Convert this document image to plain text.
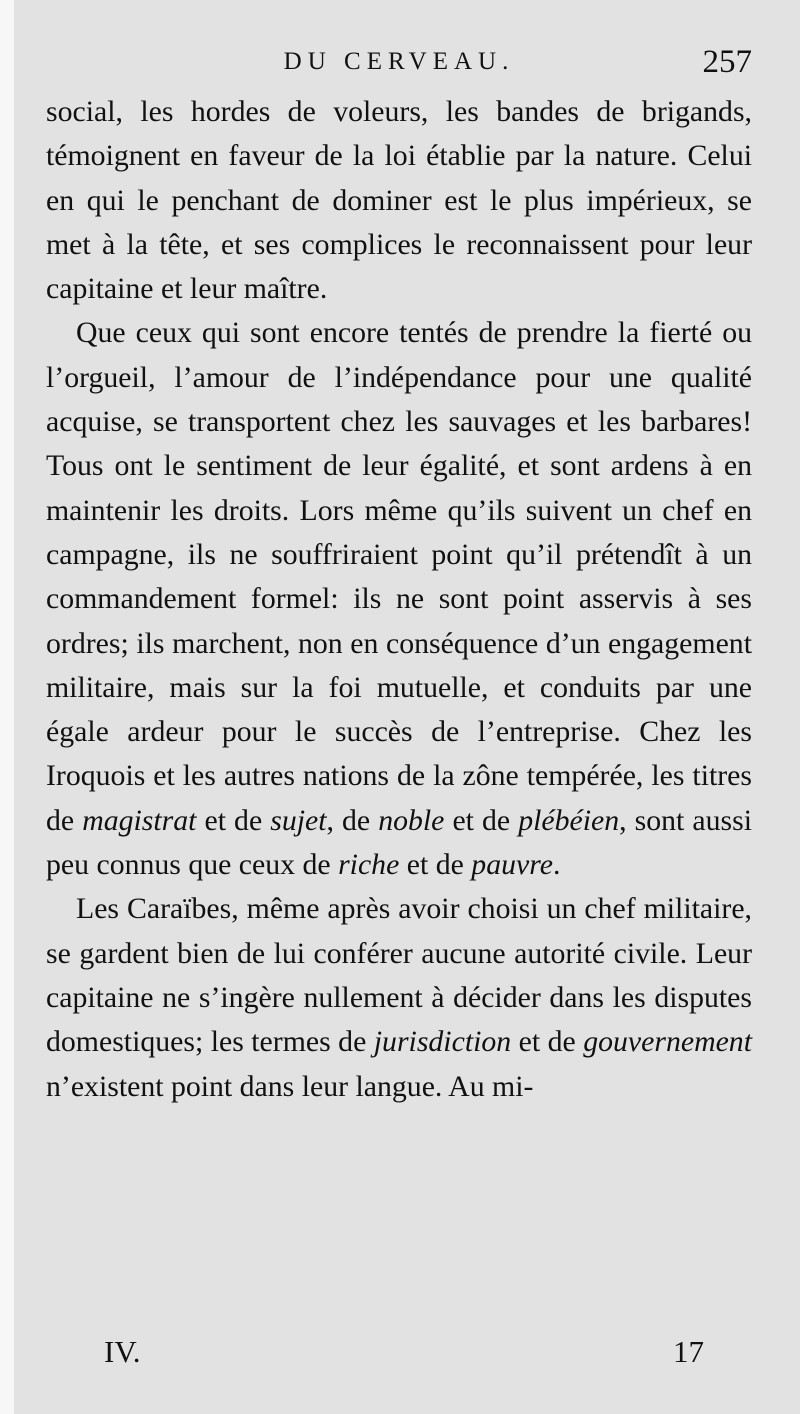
DU CERVEAU.	257

social, les hordes de voleurs, les bandes de brigands, témoignent en faveur de la loi établie par la nature. Celui en qui le penchant de dominer est le plus impérieux, se met à la tête, et ses complices le reconnaissent pour leur capitaine et leur maître.

Que ceux qui sont encore tentés de prendre la fierté ou l’orgueil, l’amour de l’indépendance pour une qualité acquise, se transportent chez les sauvages et les barbares! Tous ont le sentiment de leur égalité, et sont ardens à en maintenir les droits. Lors même qu’ils suivent un chef en campagne, ils ne souffriraient point qu’il prétendît à un commandement formel: ils ne sont point asservis à ses ordres; ils marchent, non en conséquence d’un engagement militaire, mais sur la foi mutuelle, et conduits par une égale ardeur pour le succès de l’entreprise. Chez les Iroquois et les autres nations de la zône tempérée, les titres de magistrat et de sujet, de noble et de plébéien, sont aussi peu connus que ceux de riche et de pauvre.

Les Caraïbes, même après avoir choisi un chef militaire, se gardent bien de lui conférer aucune autorité civile. Leur capitaine ne s’ingère nullement à décider dans les disputes domestiques; les termes de jurisdiction et de gouvernement n’existent point dans leur langue. Au mi-

IV.	17
